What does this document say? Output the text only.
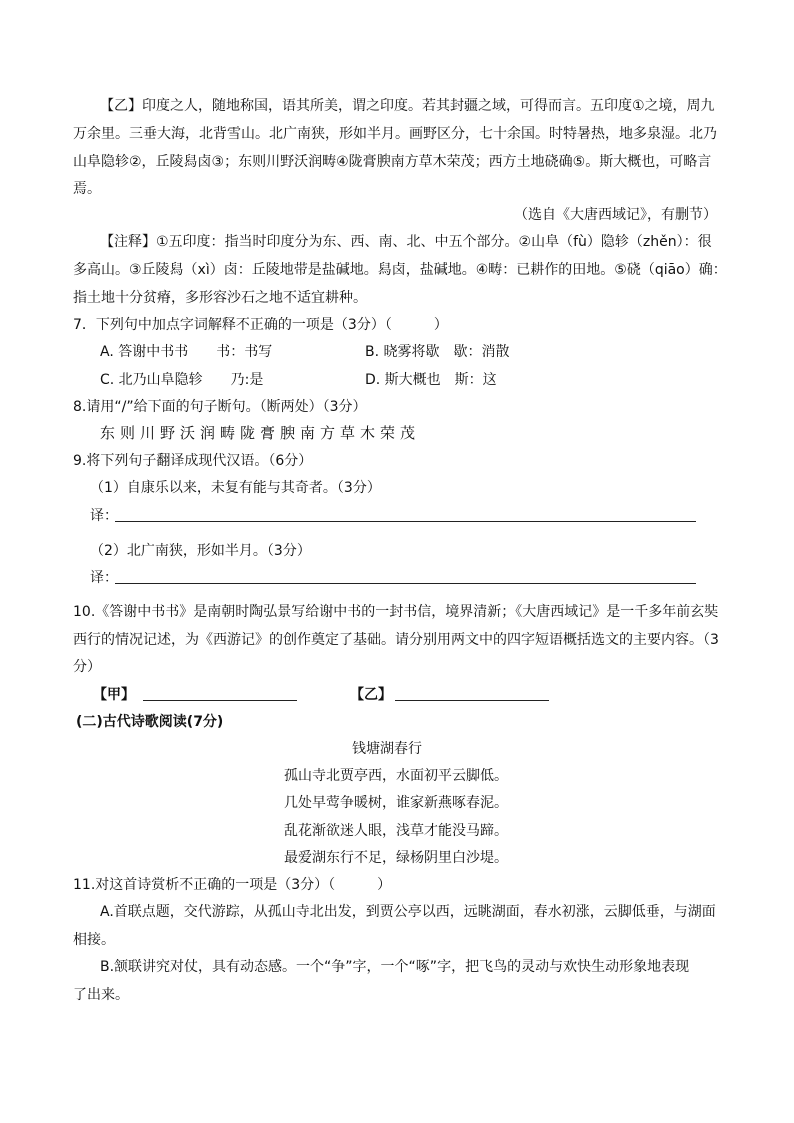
【乙】印度之人，随地称国，语其所美，谓之印度。若其封疆之域，可得而言。五印度①之境，周九
万余里。三垂大海，北背雪山。北广南狭，形如半月。画野区分，七十余国。时特暑热，地多泉湿。北乃
山阜隐轸②，丘陵舄卤③；东则川野沃润畴④陇膏腴南方草木荣茂；西方土地硗确⑤。斯大概也，可略言
焉。
（选自《大唐西域记》，有删节）
【注释】①五印度：指当时印度分为东、西、南、北、中五个部分。②山阜（fù）隐轸（zhěn）：很
多高山。③丘陵舄（xì）卤：丘陵地带是盐碱地。舄卤，盐碱地。④畴：已耕作的田地。⑤硗（qiāo）确：
指土地十分贫瘠，多形容沙石之地不适宜耕种。
7．下列句中加点字词解释不正确的一项是（3分）（　　　）
A. 答谢中书书　　书：书写	B. 晓雾将歇　歇：消散
C. 北乃山阜隐轸　　乃:是	D. 斯大概也　斯：这
8.请用“/”给下面的句子断句。（断两处）（3分）
东则川野沃润畴陇膏腴南方草木荣茂
9.将下列句子翻译成现代汉语。（6分）
（1）自康乐以来，未复有能与其奇者。（3分）
译：
（2）北广南狭，形如半月。（3分）
译：
10.《答谢中书书》是南朝时陶弘景写给谢中书的一封书信，境界清新；《大唐西域记》是一千多年前玄奘
西行的情况记述，为《西游记》的创作奠定了基础。请分别用两文中的四字短语概括选文的主要内容。（3
分）
【甲】	【乙】
(二)古代诗歌阅读(7分)
钱塘湖春行
孤山寺北贾亭西，水面初平云脚低。
几处早莺争暖树，谁家新燕啄春泥。
乱花渐欲迷人眼，浅草才能没马蹄。
最爱湖东行不足，绿杨阴里白沙堤。
11.对这首诗赏析不正确的一项是（3分）（　　　）
A.首联点题，交代游踪，从孤山寺北出发，到贾公亭以西，远眺湖面，春水初涨，云脚低垂，与湖面
相接。
B.颔联讲究对仗，具有动态感。一个“争”字，一个“啄”字，把飞鸟的灵动与欢快生动形象地表现
了出来。
